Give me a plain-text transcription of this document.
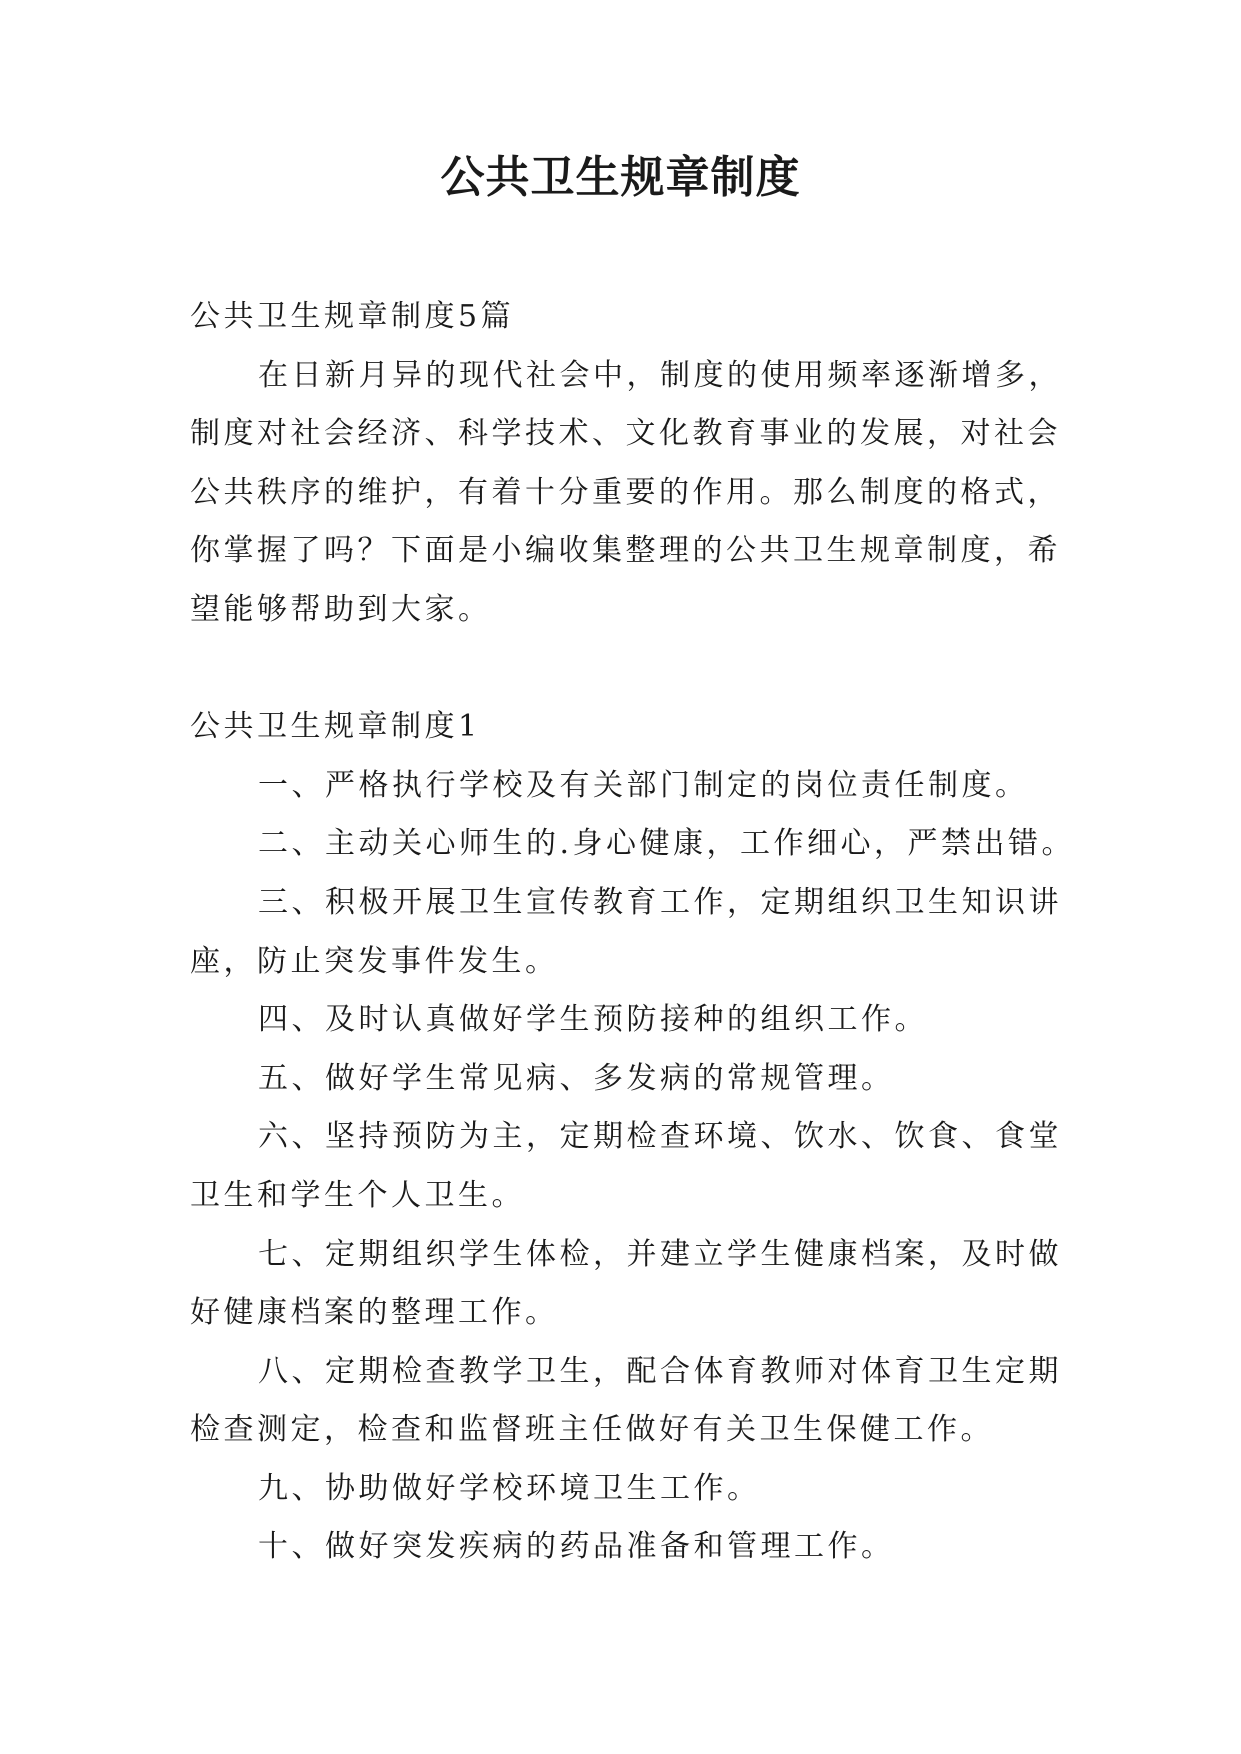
公共卫生规章制度

公共卫生规章制度5篇

在日新月异的现代社会中，制度的使用频率逐渐增多，

制度对社会经济、科学技术、文化教育事业的发展，对社会

公共秩序的维护，有着十分重要的作用。那么制度的格式，

你掌握了吗？下面是小编收集整理的公共卫生规章制度，希

望能够帮助到大家。

公共卫生规章制度1

一、严格执行学校及有关部门制定的岗位责任制度。

二、主动关心师生的.身心健康，工作细心，严禁出错。

三、积极开展卫生宣传教育工作，定期组织卫生知识讲

座，防止突发事件发生。

四、及时认真做好学生预防接种的组织工作。

五、做好学生常见病、多发病的常规管理。

六、坚持预防为主，定期检查环境、饮水、饮食、食堂

卫生和学生个人卫生。

七、定期组织学生体检，并建立学生健康档案，及时做

好健康档案的整理工作。

八、定期检查教学卫生，配合体育教师对体育卫生定期

检查测定，检查和监督班主任做好有关卫生保健工作。

九、协助做好学校环境卫生工作。

十、做好突发疾病的药品准备和管理工作。
